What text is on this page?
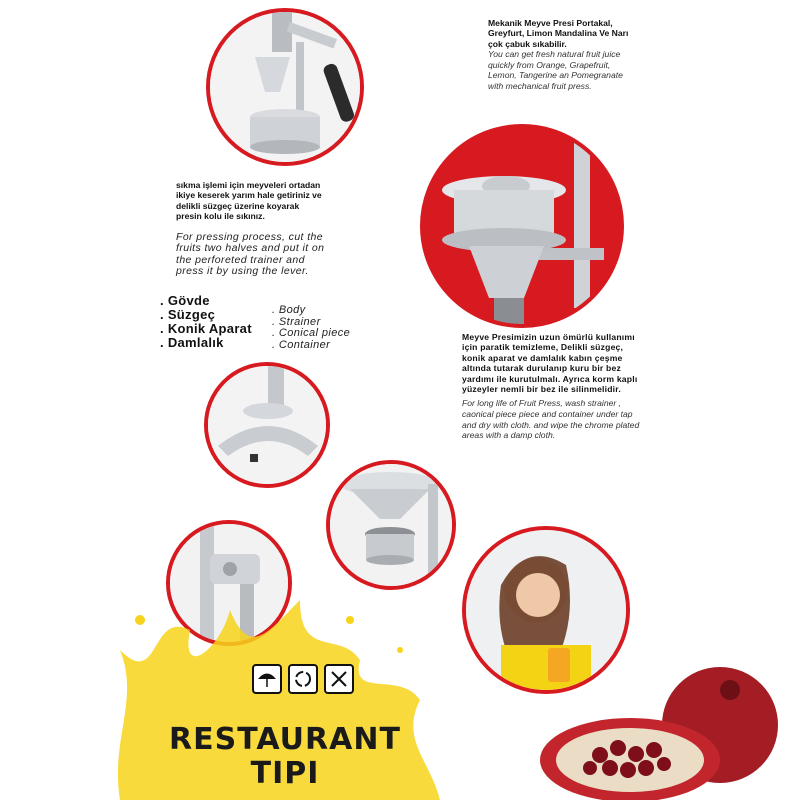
Mekanik Meyve Presi Portakal, Greyfurt, Limon Mandalina Ve Narı çok çabuk sıkabilir.
You can get fresh natural fruit juice quickly from Orange, Grapefruit, Lemon, Tangerine an Pomegranate with mechanical fruit press.
sıkma işlemi için meyveleri ortadan ikiye keserek yarım hale getiriniz ve delikli süzgeç üzerine koyarak presin kolu ile sıkınız.
For pressing process, cut the fruits two halves and put it on the perforeted trainer and press it by using the lever.
. Gövde
. Süzgeç
. Konik Aparat
. Damlalık
. Body
. Strainer
. Conical piece
. Container
Meyve Presimizin uzun ömürlü kullanımı için paratik temizleme, Delikli süzgeç, konik aparat ve damlalık kabın çeşme altında tutarak durulanıp kuru bir bez yardımı ile kurutulmalı. Ayrıca korm kaplı yüzeyler nemli bir bez ile silinmelidir.
For long life of Fruit Press, wash strainer , caonical piece piece and container under tap and dry with cloth. and wipe the chrome plated areas with a damp cloth.
RESTAURANT
TIPI
